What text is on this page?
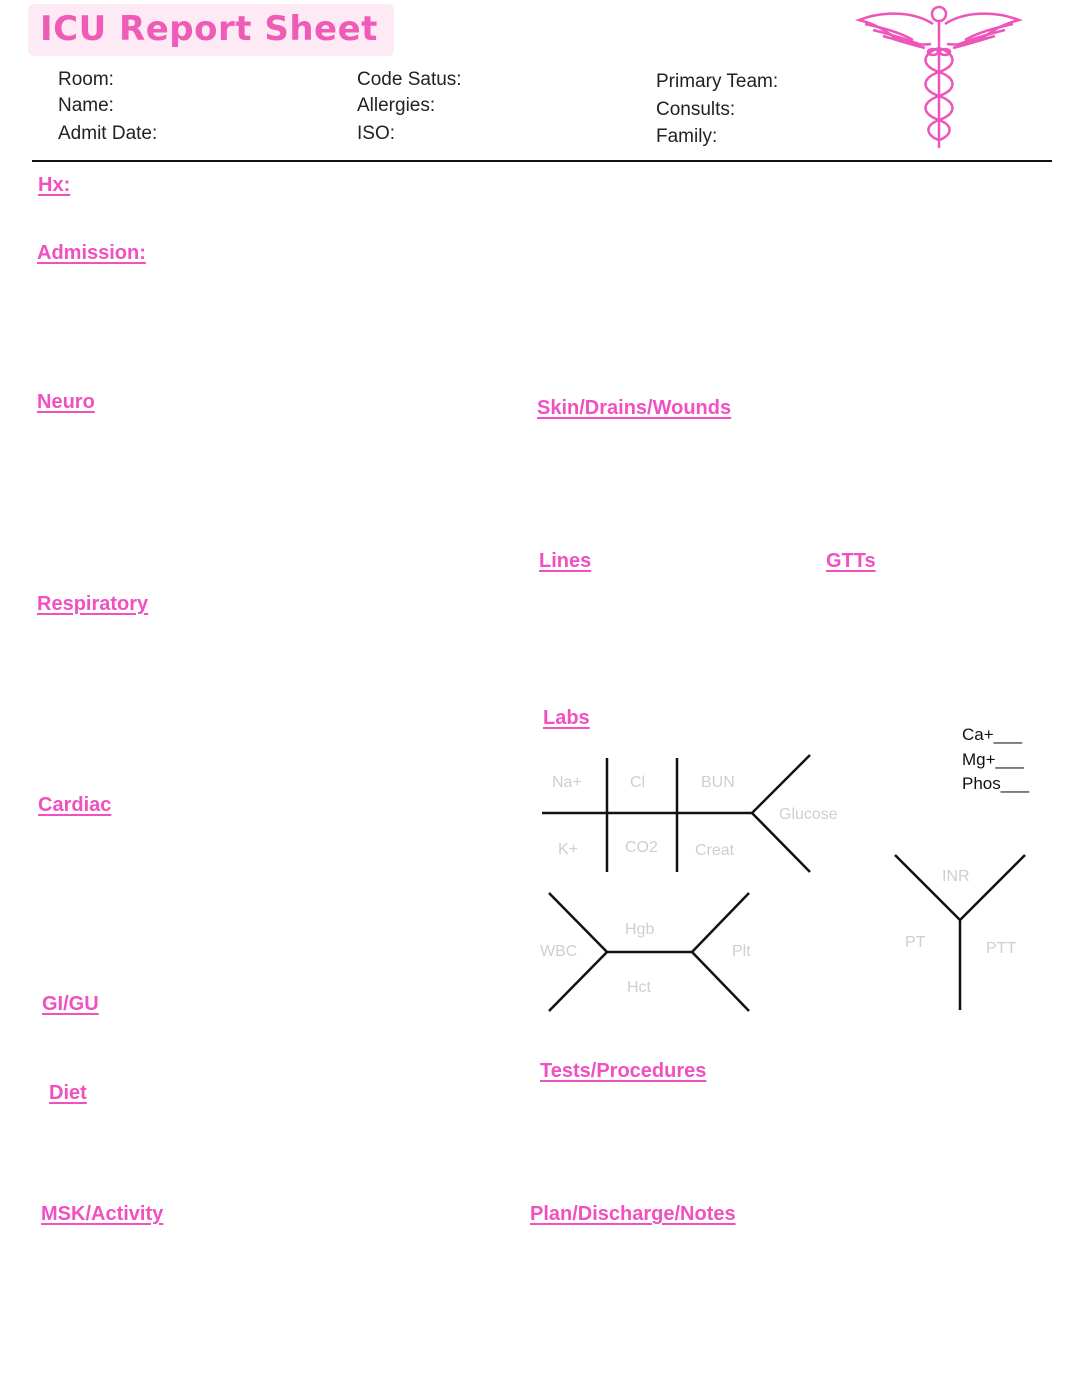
ICU Report Sheet
Room:
Name:
Admit Date:
Code Satus:
Allergies:
ISO:
Primary Team:
Consults:
Family:
Hx:
Admission:
Neuro
Respiratory
Cardiac
GI/GU
Diet
MSK/Activity
Skin/Drains/Wounds
Lines	GTTs
Labs
Tests/Procedures
Plan/Discharge/Notes
Na+	Cl	BUN
Glucose
K+	CO2 Creat
WBC
Hgb
Hct
Plt
INR
PT	PTT
Ca+___
Mg+___
Phos___
